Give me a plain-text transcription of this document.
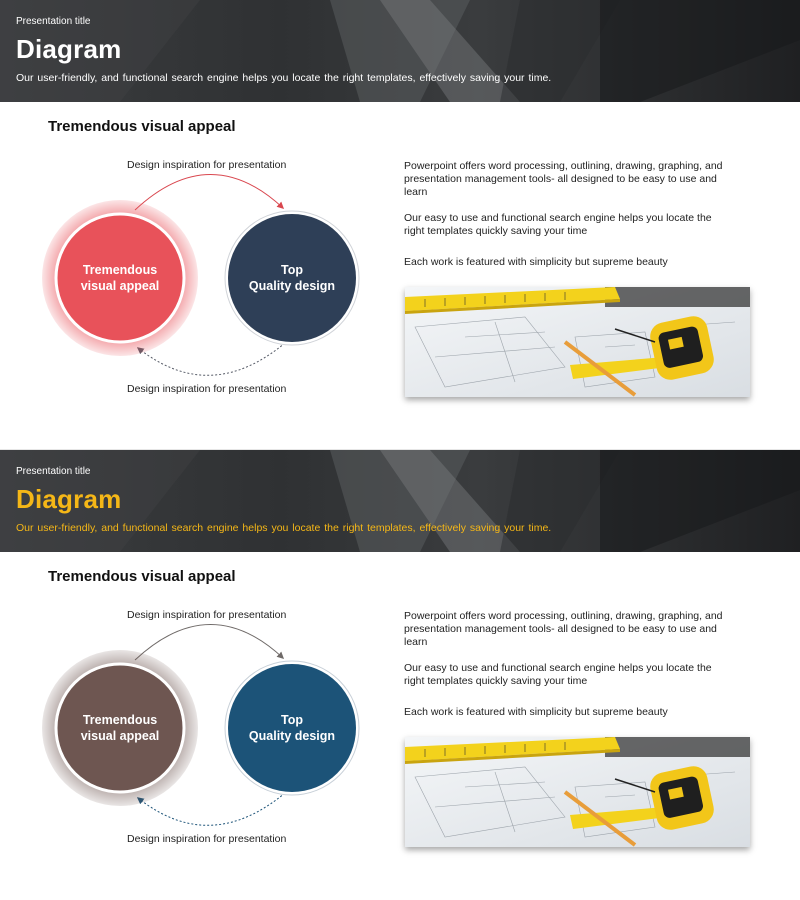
Presentation title
Diagram
Our user-friendly, and functional search engine helps you locate the right templates, effectively saving your time.
Tremendous visual appeal
Design inspiration for presentation
Design inspiration for presentation
Tremendous
visual appeal
Top
Quality design
Powerpoint offers word processing, outlining, drawing, graphing, and presentation management tools- all designed to be easy to use and learn
Our easy to use and functional search engine helps you locate the right templates quickly saving your time
Each work is featured with simplicity but supreme beauty
Presentation title
Diagram
Our user-friendly, and functional search engine helps you locate the right templates, effectively saving your time.
Tremendous visual appeal
Design inspiration for presentation
Design inspiration for presentation
Tremendous
visual appeal
Top
Quality design
Powerpoint offers word processing, outlining, drawing, graphing, and presentation management tools- all designed to be easy to use and learn
Our easy to use and functional search engine helps you locate the right templates quickly saving your time
Each work is featured with simplicity but supreme beauty
